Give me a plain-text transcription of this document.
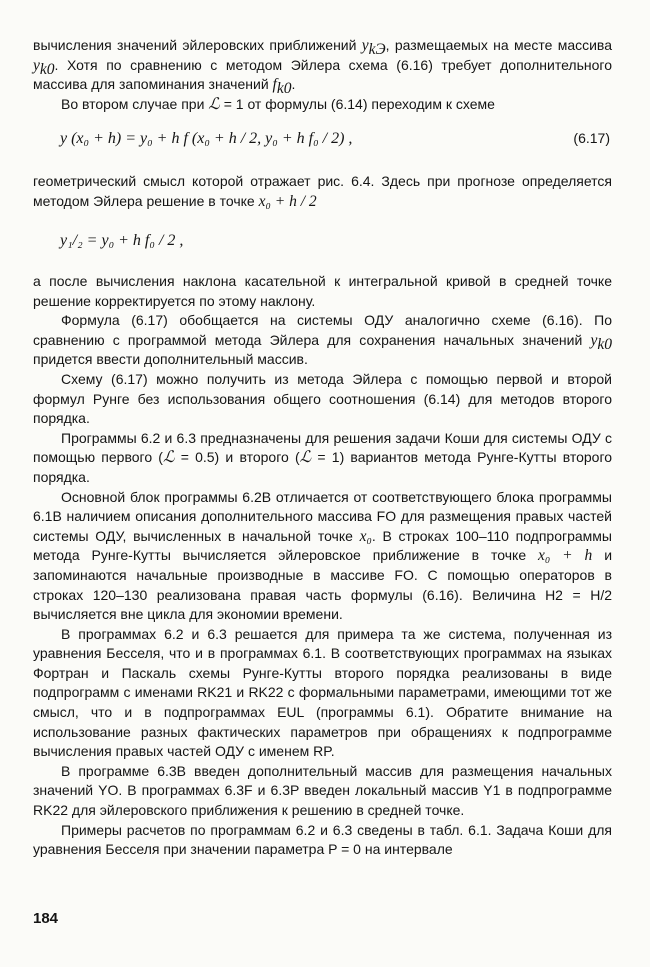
вычисления значений эйлеровских приближений $y_{kЭ}$, размещаемых на месте массива $y_{k0}$. Хотя по сравнению с методом Эйлера схема (6.16) требует дополнительного массива для запоминания значений $f_{k0}$.

Во втором случае при ℒ = 1 от формулы (6.14) переходим к схеме

y (x₀ + h) = y₀ + h f (x₀ + h / 2, y₀ + h f₀ / 2) ,	(6.17)

геометрический смысл которой отражает рис. 6.4. Здесь при прогнозе определяется методом Эйлера решение в точке x₀ + h / 2

y₁/₂ = y₀ + h f₀ / 2 ,

а после вычисления наклона касательной к интегральной кривой в средней точке решение корректируется по этому наклону.

Формула (6.17) обобщается на системы ОДУ аналогично схеме (6.16). По сравнению с программой метода Эйлера для сохранения начальных значений $y_{k0}$ придется ввести дополнительный массив.

Схему (6.17) можно получить из метода Эйлера с помощью первой и второй формул Рунге без использования общего соотношения (6.14) для методов второго порядка.

Программы 6.2 и 6.3 предназначены для решения задачи Коши для системы ОДУ с помощью первого (ℒ = 0.5) и второго (ℒ = 1) вариантов метода Рунге-Кутты второго порядка.

Основной блок программы 6.2B отличается от соответствующего блока программы 6.1B наличием описания дополнительного массива FO для размещения правых частей системы ОДУ, вычисленных в начальной точке x₀. В строках 100–110 подпрограммы метода Рунге-Кутты вычисляется эйлеровское приближение в точке x₀ + h и запоминаются начальные производные в массиве FO. С помощью операторов в строках 120–130 реализована правая часть формулы (6.16). Величина H2 = H/2 вычисляется вне цикла для экономии времени.

В программах 6.2 и 6.3 решается для примера та же система, полученная из уравнения Бесселя, что и в программах 6.1. В соответствующих программах на языках Фортран и Паскаль схемы Рунге-Кутты второго порядка реализованы в виде подпрограмм с именами RK21 и RK22 с формальными параметрами, имеющими тот же смысл, что и в подпрограммах EUL (программы 6.1). Обратите внимание на использование разных фактических параметров при обращениях к подпрограмме вычисления правых частей ОДУ с именем RP.

В программе 6.3B введен дополнительный массив для размещения начальных значений YO. В программах 6.3F и 6.3P введен локальный массив Y1 в подпрограмме RK22 для эйлеровского приближения к решению в средней точке.

Примеры расчетов по программам 6.2 и 6.3 сведены в табл. 6.1. Задача Коши для уравнения Бесселя при значении параметра P = 0 на интервале

184
